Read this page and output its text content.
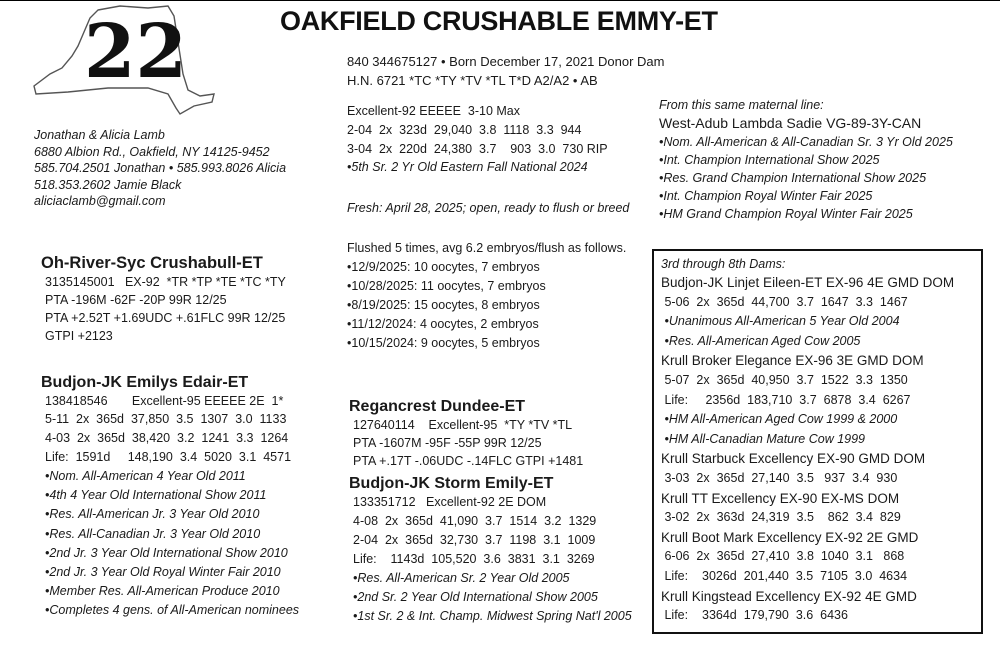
22	OAKFIELD CRUSHABLE EMMY-ET
840 344675127 • Born December 17, 2021 Donor Dam
H.N. 6721 *TC *TY *TV *TL T*D A2/A2 • AB
Jonathan & Alicia Lamb
6880 Albion Rd., Oakfield, NY 14125-9452
585.704.2501 Jonathan • 585.993.8026 Alicia
518.353.2602 Jamie Black
aliciaclamb@gmail.com
Excellent-92 EEEEE  3-10 Max
2-04  2x  323d  29,040  3.8  1118  3.3  944
3-04  2x  220d  24,380  3.7    903  3.0  730 RIP
•5th Sr. 2 Yr Old Eastern Fall National 2024
Fresh: April 28, 2025; open, ready to flush or breed
Flushed 5 times, avg 6.2 embryos/flush as follows.
•12/9/2025: 10 oocytes, 7 embryos
•10/28/2025: 11 oocytes, 7 embryos
•8/19/2025: 15 oocytes, 8 embryos
•11/12/2024: 4 oocytes, 2 embryos
•10/15/2024: 9 oocytes, 5 embryos
From this same maternal line:
West-Adub Lambda Sadie VG-89-3Y-CAN
•Nom. All-American & All-Canadian Sr. 3 Yr Old 2025
•Int. Champion International Show 2025
•Res. Grand Champion International Show 2025
•Int. Champion Royal Winter Fair 2025
•HM Grand Champion Royal Winter Fair 2025
Oh-River-Syc Crushabull-ET
3135145001   EX-92  *TR *TP *TE *TC *TY
PTA -196M -62F -20P 99R 12/25
PTA +2.52T +1.69UDC +.61FLC 99R 12/25
GTPI +2123
Budjon-JK Emilys Edair-ET
138418546       Excellent-95 EEEEE 2E  1*
5-11  2x  365d  37,850  3.5  1307  3.0  1133
4-03  2x  365d  38,420  3.2  1241  3.3  1264
Life:  1591d     148,190  3.4  5020  3.1  4571
•Nom. All-American 4 Year Old 2011
•4th 4 Year Old International Show 2011
•Res. All-American Jr. 3 Year Old 2010
•Res. All-Canadian Jr. 3 Year Old 2010
•2nd Jr. 3 Year Old International Show 2010
•2nd Jr. 3 Year Old Royal Winter Fair 2010
•Member Res. All-American Produce 2010
•Completes 4 gens. of All-American nominees
Regancrest Dundee-ET
127640114    Excellent-95  *TY *TV *TL
PTA -1607M -95F -55P 99R 12/25
PTA +.17T -.06UDC -.14FLC GTPI +1481
Budjon-JK Storm Emily-ET
133351712   Excellent-92 2E DOM
4-08  2x  365d  41,090  3.7  1514  3.2  1329
2-04  2x  365d  32,730  3.7  1198  3.1  1009
Life:    1143d  105,520  3.6  3831  3.1  3269
•Res. All-American Sr. 2 Year Old 2005
•2nd Sr. 2 Year Old International Show 2005
•1st Sr. 2 & Int. Champ. Midwest Spring Nat'l 2005
3rd through 8th Dams:
Budjon-JK Linjet Eileen-ET EX-96 4E GMD DOM
5-06  2x  365d  44,700  3.7  1647  3.3  1467
•Unanimous All-American 5 Year Old 2004
•Res. All-American Aged Cow 2005
Krull Broker Elegance EX-96 3E GMD DOM
5-07  2x  365d  40,950  3.7  1522  3.3  1350
Life:     2356d  183,710  3.7  6878  3.4  6267
•HM All-American Aged Cow 1999 & 2000
•HM All-Canadian Mature Cow 1999
Krull Starbuck Excellency EX-90 GMD DOM
3-03  2x  365d  27,140  3.5   937  3.4  930
Krull TT Excellency EX-90 EX-MS DOM
3-02  2x  363d  24,319  3.5    862  3.4  829
Krull Boot Mark Excellency EX-92 2E GMD
6-06  2x  365d  27,410  3.8  1040  3.1   868
Life:    3026d  201,440  3.5  7105  3.0  4634
Krull Kingstead Excellency EX-92 4E GMD
Life:    3364d  179,790  3.6  6436
